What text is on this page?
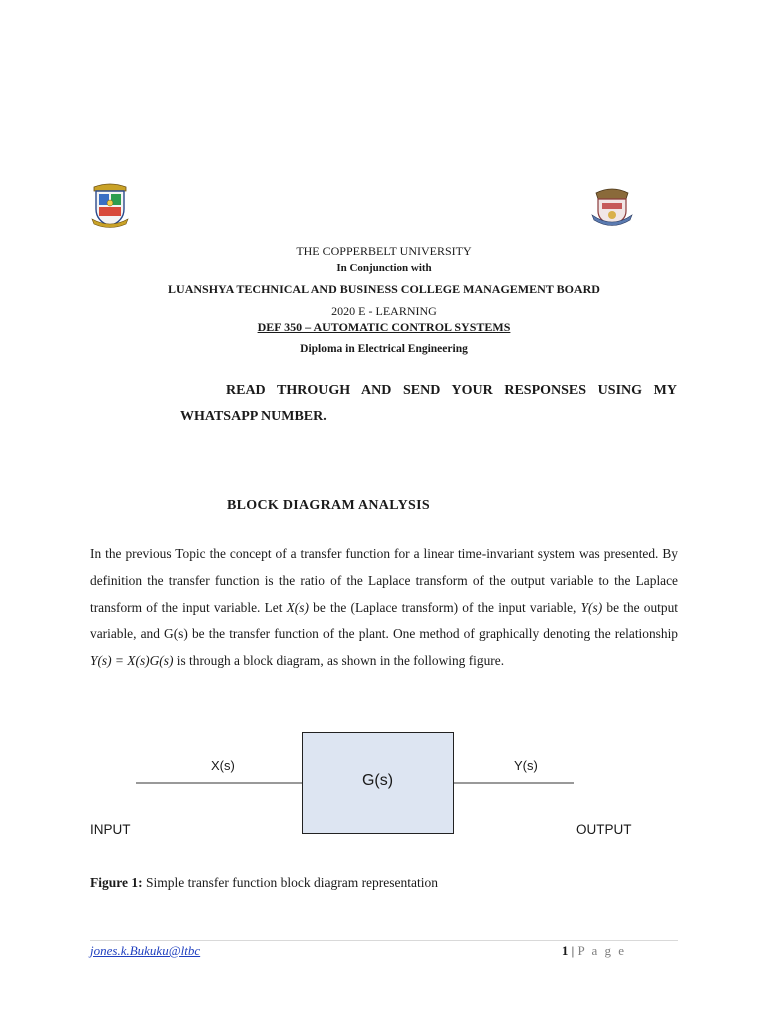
THE COPPERBELT UNIVERSITY
In Conjunction with
LUANSHYA TECHNICAL AND BUSINESS COLLEGE MANAGEMENT BOARD
2020 E - LEARNING
DEF 350 – AUTOMATIC CONTROL SYSTEMS
Diploma in Electrical Engineering
READ THROUGH AND SEND YOUR RESPONSES USING MY
WHATSAPP NUMBER.
BLOCK DIAGRAM ANALYSIS
In the previous Topic the concept of a transfer function for a linear time-invariant system was presented. By definition the transfer function is the ratio of the Laplace transform of the output variable to the Laplace transform of the input variable. Let X(s) be the (Laplace transform) of the input variable, Y(s) be the output variable, and G(s) be the transfer function of the plant. One method of graphically denoting the relationship Y(s) = X(s)G(s) is through a block diagram, as shown in the following figure.
X(s)	Y(s)
G(s)
INPUT	OUTPUT
Figure 1: Simple transfer function block diagram representation
jones.k.Bukuku@ltbc	1 | P a g e
